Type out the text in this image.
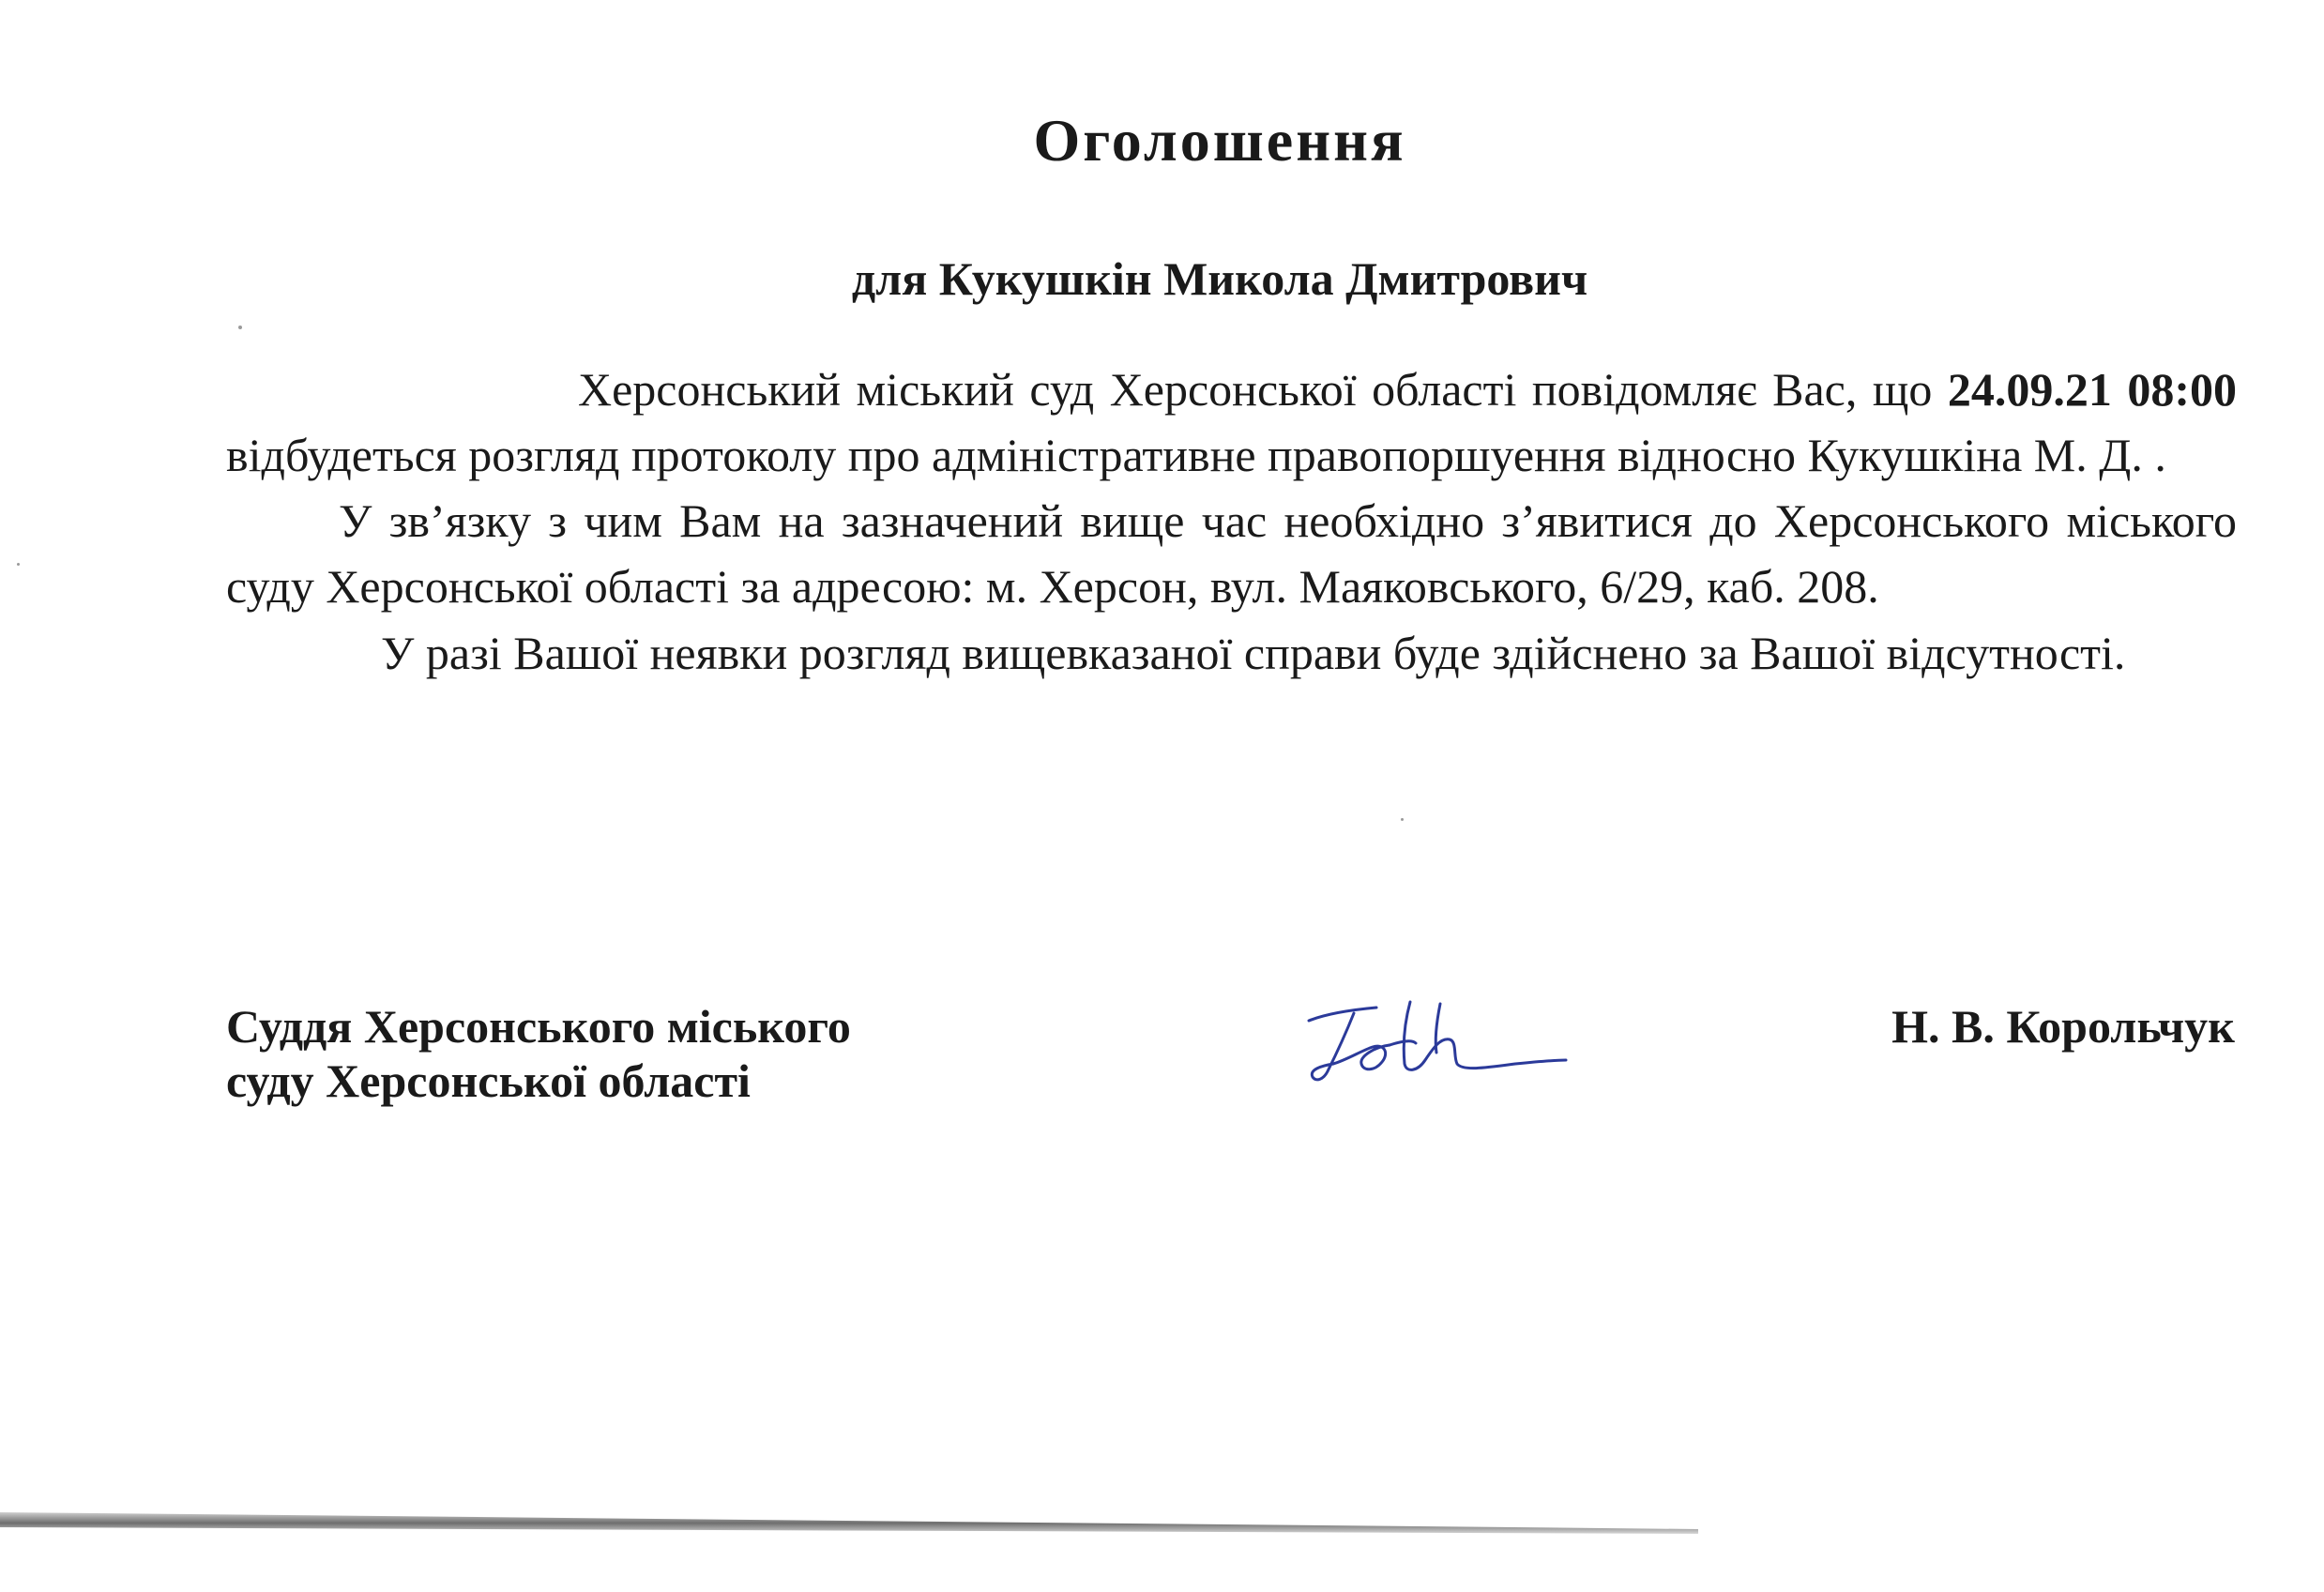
Оголошення
для Кукушкін Микола Дмитрович

Херсонський міський суд Херсонської області повідомляє Вас, що 24.09.21 08:00 відбудеться розгляд протоколу про адміністративне правопоршуення відносно Кукушкіна М. Д. .

У зв’язку з чим Вам на зазначений вище час необхідно з’явитися до Херсонського міського суду Херсонської області за адресою: м. Херсон, вул. Маяковського, 6/29, каб. 208.

У разі Вашої неявки розгляд вищевказаної справи буде здійснено за Вашої відсутності.

Суддя Херсонського міського
суду Херсонської області
Н. В. Корольчук
